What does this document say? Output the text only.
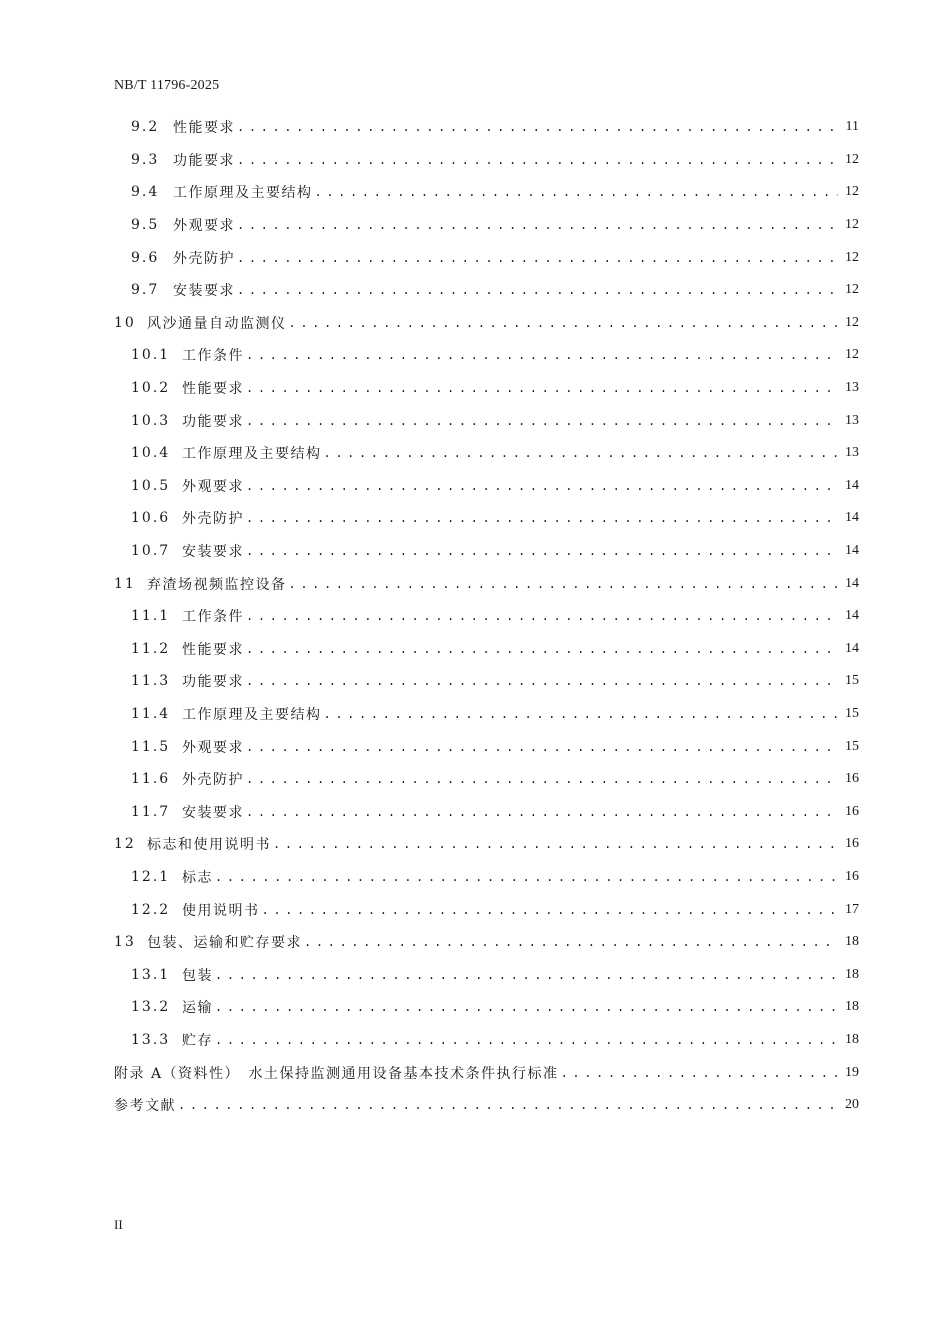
NB/T 11796-2025
9.2 性能要求 .....	11
9.3 功能要求 .....	12
9.4 工作原理及主要结构 .....	12
9.5 外观要求 .....	12
9.6 外壳防护 .....	12
9.7 安装要求 .....	12
10 风沙通量自动监测仪 .....	12
10.1 工作条件 .....	12
10.2 性能要求 .....	13
10.3 功能要求 .....	13
10.4 工作原理及主要结构 .....	13
10.5 外观要求 .....	14
10.6 外壳防护 .....	14
10.7 安装要求 .....	14
11 弃渣场视频监控设备 .....	14
11.1 工作条件 .....	14
11.2 性能要求 .....	14
11.3 功能要求 .....	15
11.4 工作原理及主要结构 .....	15
11.5 外观要求 .....	15
11.6 外壳防护 .....	16
11.7 安装要求 .....	16
12 标志和使用说明书 .....	16
12.1 标志 .....	16
12.2 使用说明书 .....	17
13 包装、运输和贮存要求 .....	18
13.1 包装 .....	18
13.2 运输 .....	18
13.3 贮存 .....	18
附录 A（资料性）　水土保持监测通用设备基本技术条件执行标准 .....	19
参考文献 .....	20
II
